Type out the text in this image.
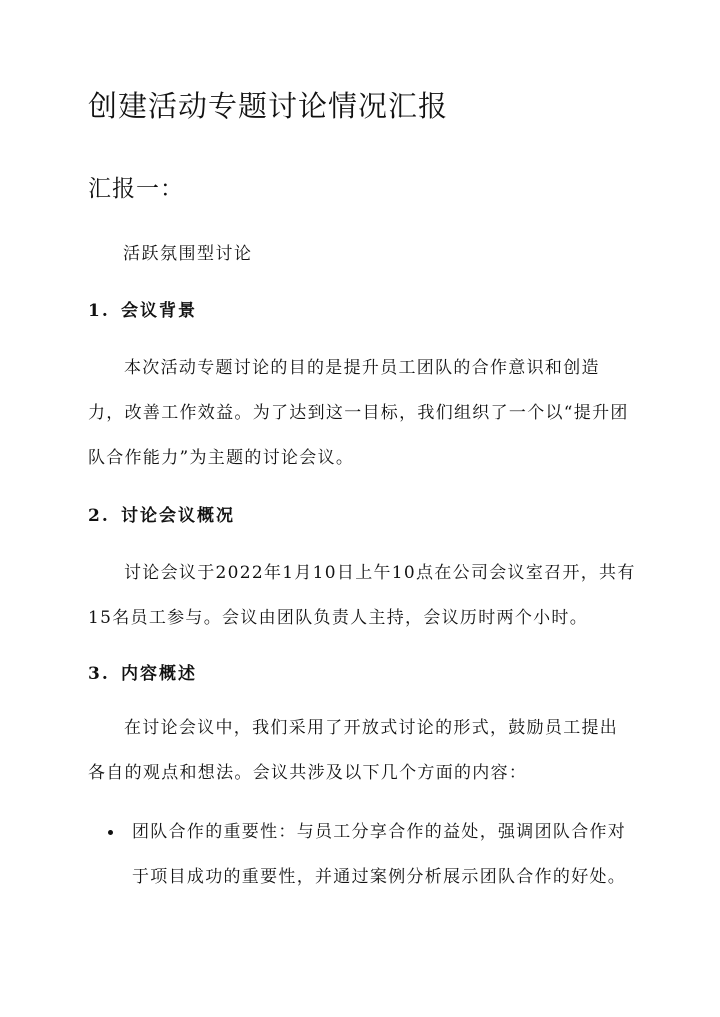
创建活动专题讨论情况汇报
汇报一：

活跃氛围型讨论

1. 会议背景

本次活动专题讨论的目的是提升员工团队的合作意识和创造力，改善工作效益。为了达到这一目标，我们组织了一个以“提升团队合作能力”为主题的讨论会议。

2. 讨论会议概况

讨论会议于2022年1月10日上午10点在公司会议室召开，共有15名员工参与。会议由团队负责人主持，会议历时两个小时。

3. 内容概述

在讨论会议中，我们采用了开放式讨论的形式，鼓励员工提出各自的观点和想法。会议共涉及以下几个方面的内容：

团队合作的重要性：与员工分享合作的益处，强调团队合作对于项目成功的重要性，并通过案例分析展示团队合作的好处。
